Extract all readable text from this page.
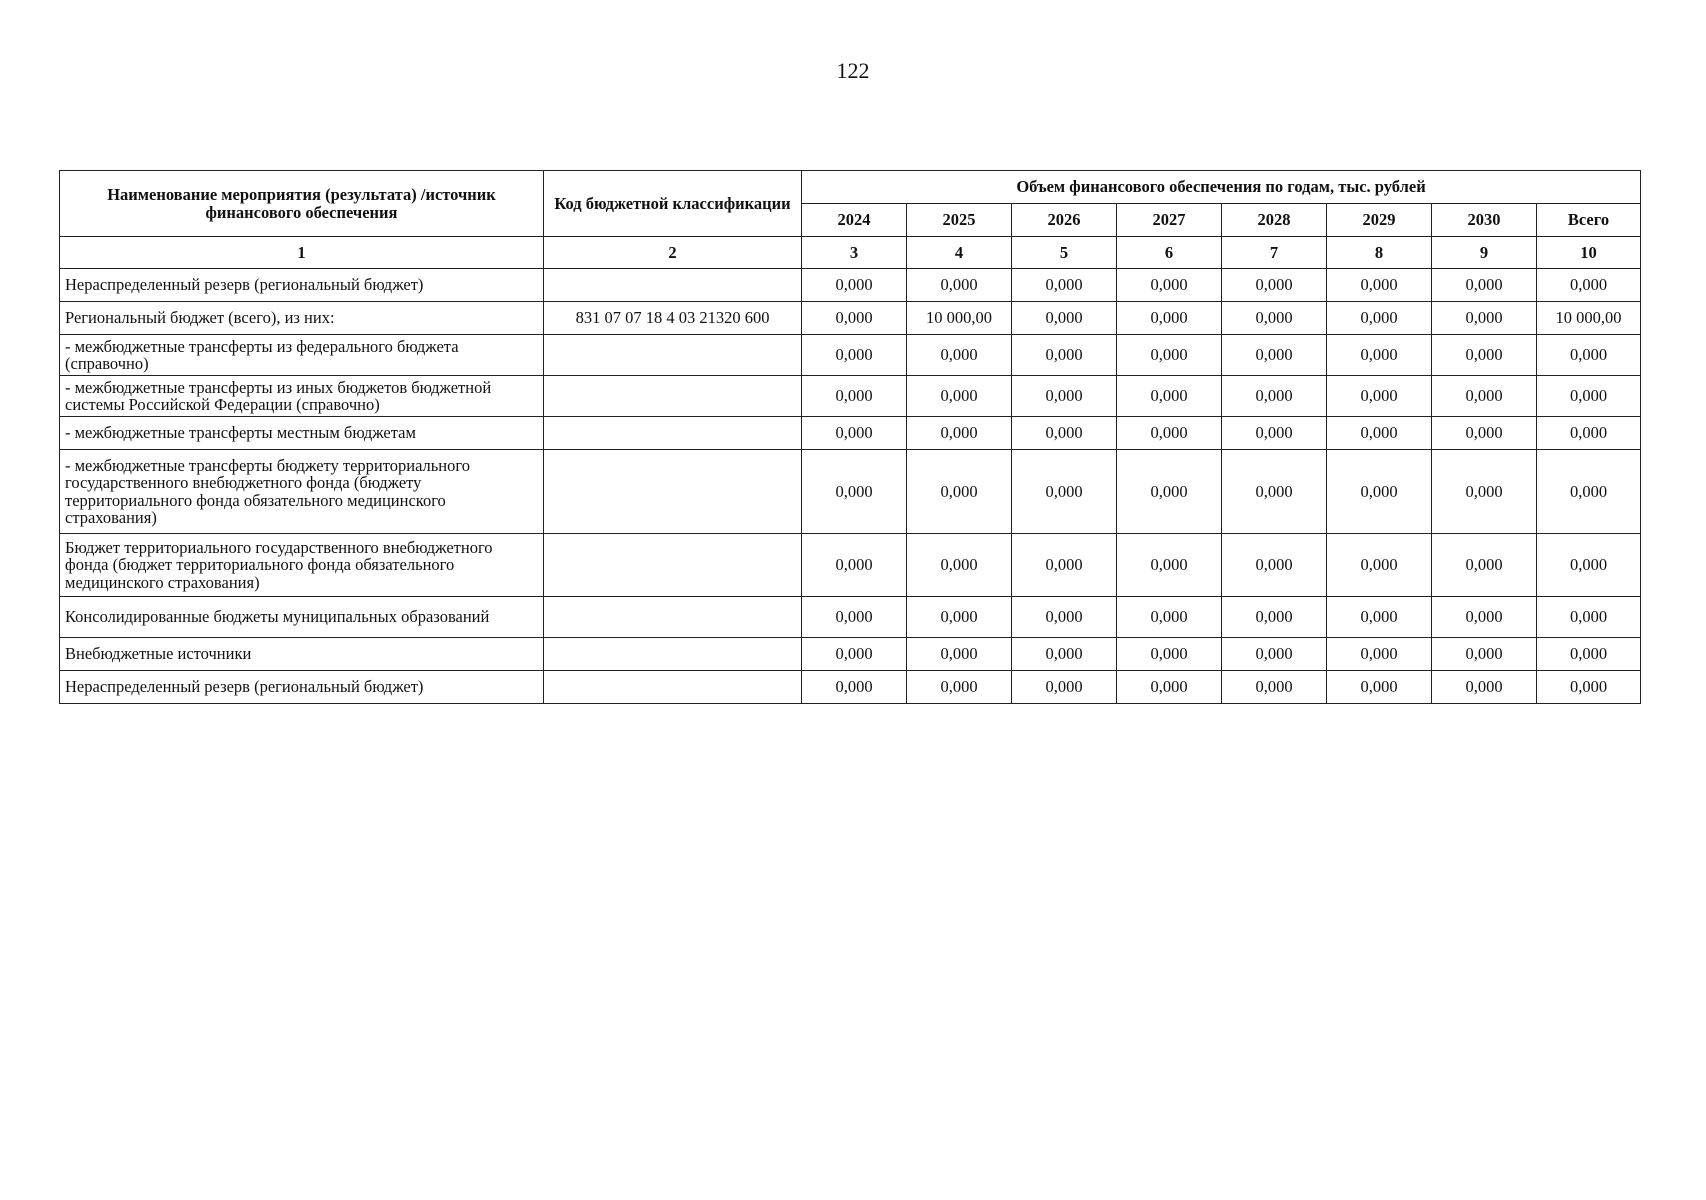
122
Наименование мероприятия (результата) /источник финансового обеспечения	Код бюджетной классификации	Объем финансового обеспечения по годам, тыс. рублей							
		2024	2025	2026	2027	2028	2029	2030	Всего
1	2	3	4	5	6	7	8	9	10
Нераспределенный резерв (региональный бюджет)		0,000	0,000	0,000	0,000	0,000	0,000	0,000	0,000
Региональный бюджет (всего), из них:	831 07 07 18 4 03 21320 600	0,000	10 000,00	0,000	0,000	0,000	0,000	0,000	10 000,00
- межбюджетные трансферты из федерального бюджета (справочно)		0,000	0,000	0,000	0,000	0,000	0,000	0,000	0,000
- межбюджетные трансферты из иных бюджетов бюджетной системы Российской Федерации (справочно)		0,000	0,000	0,000	0,000	0,000	0,000	0,000	0,000
- межбюджетные трансферты местным бюджетам		0,000	0,000	0,000	0,000	0,000	0,000	0,000	0,000
- межбюджетные трансферты бюджету территориального государственного внебюджетного фонда (бюджету территориального фонда обязательного медицинского страхования)		0,000	0,000	0,000	0,000	0,000	0,000	0,000	0,000
Бюджет территориального государственного внебюджетного фонда (бюджет территориального фонда обязательного медицинского страхования)		0,000	0,000	0,000	0,000	0,000	0,000	0,000	0,000
Консолидированные бюджеты муниципальных образований		0,000	0,000	0,000	0,000	0,000	0,000	0,000	0,000
Внебюджетные источники		0,000	0,000	0,000	0,000	0,000	0,000	0,000	0,000
Нераспределенный резерв (региональный бюджет)		0,000	0,000	0,000	0,000	0,000	0,000	0,000	0,000
